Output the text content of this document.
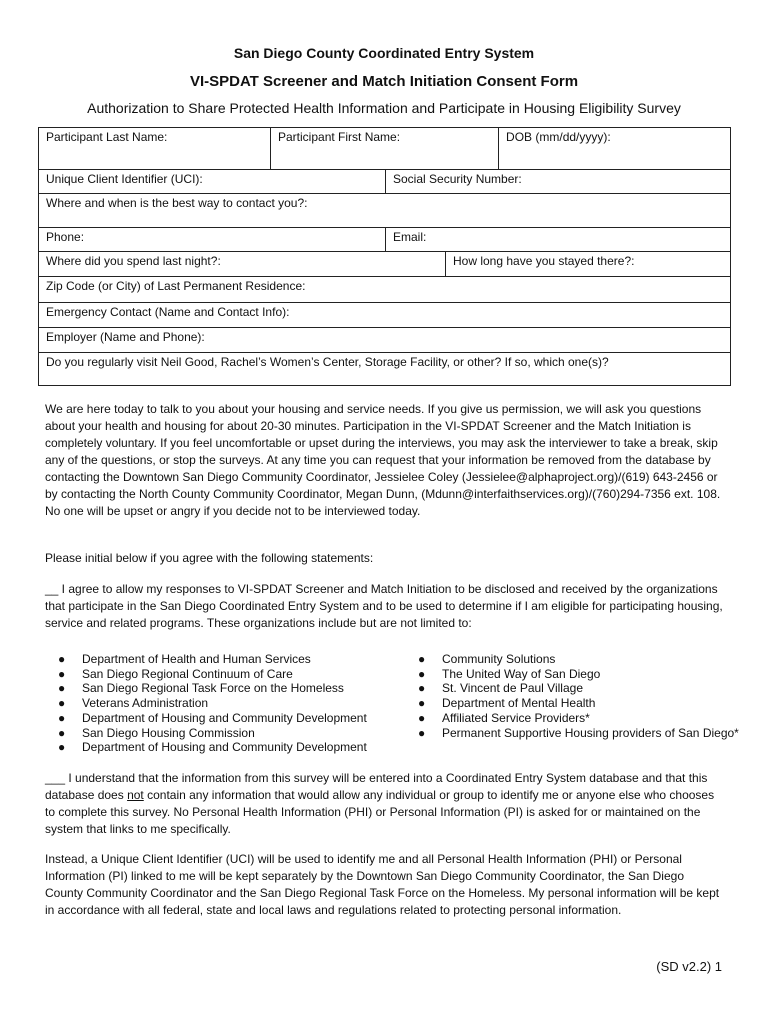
San Diego County Coordinated Entry System
VI-SPDAT Screener and Match Initiation Consent Form
Authorization to Share Protected Health Information and Participate in Housing Eligibility Survey
Participant Last Name:	Participant First Name:			DOB (mm/dd/yyyy):
Unique Client Identifier (UCI):		Social Security Number:		
Where and when is the best way to contact you?:				
Phone:		Email:		
Where did you spend last night?:			How long have you stayed there?:	
Zip Code (or City) of Last Permanent Residence:				
Emergency Contact (Name and Contact Info):				
Employer (Name and Phone):				
Do you regularly visit Neil Good, Rachel’s Women’s Center, Storage Facility, or other? If so, which one(s)?				
We are here today to talk to you about your housing and service needs. If you give us permission, we will ask you questions about your health and housing for about 20-30 minutes. Participation in the VI-SPDAT Screener and the Match Initiation is completely voluntary. If you feel uncomfortable or upset during the interviews, you may ask the interviewer to take a break, skip any of the questions, or stop the surveys. At any time you can request that your information be removed from the database by contacting the Downtown San Diego Community Coordinator, Jessielee Coley (Jessielee@alphaproject.org)/(619) 643-2456 or by contacting the North County Community Coordinator, Megan Dunn, (Mdunn@interfaithservices.org)/(760)294-7356 ext. 108. No one will be upset or angry if you decide not to be interviewed today.
Please initial below if you agree with the following statements:
__ I agree to allow my responses to VI-SPDAT Screener and Match Initiation to be disclosed and received by the organizations that participate in the San Diego Coordinated Entry System and to be used to determine if I am eligible for participating housing, service and related programs. These organizations include but are not limited to:
● Department of Health and Human Services
● San Diego Regional Continuum of Care
● San Diego Regional Task Force on the Homeless
● Veterans Administration
● Department of Housing and Community Development
● San Diego Housing Commission
● Department of Housing and Community Development
● Community Solutions
● The United Way of San Diego
● St. Vincent de Paul Village
● Department of Mental Health
● Affiliated Service Providers*
● Permanent Supportive Housing providers of San Diego*
___ I understand that the information from this survey will be entered into a Coordinated Entry System database and that this database does not contain any information that would allow any individual or group to identify me or anyone else who chooses to complete this survey. No Personal Health Information (PHI) or Personal Information (PI) is asked for or maintained on the system that links to me specifically.
Instead, a Unique Client Identifier (UCI) will be used to identify me and all Personal Health Information (PHI) or Personal Information (PI) linked to me will be kept separately by the Downtown San Diego Community Coordinator, the San Diego County Community Coordinator and the San Diego Regional Task Force on the Homeless. My personal information will be kept in accordance with all federal, state and local laws and regulations related to protecting personal information.
(SD v2.2) 1
